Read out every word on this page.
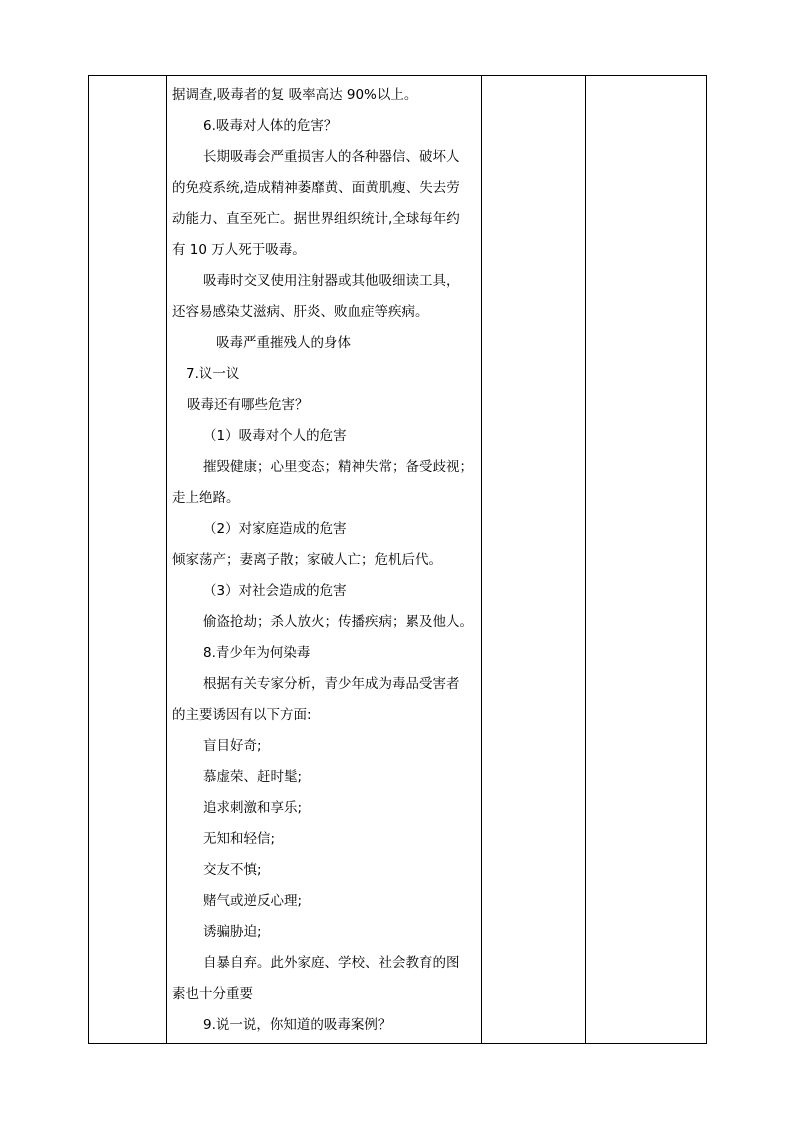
据调查,吸毒者的复 吸率高达 90%以上。
6.吸毒对人体的危害？
长期吸毒会严重损害人的各种器信、破坏人
的免疫系统,造成精神萎靡黄、面黄肌瘦、失去劳
动能力、直至死亡。据世界组织统计,全球每年约
有 10 万人死于吸毒。
吸毒时交叉使用注射器或其他吸细读工具，
还容易感染艾滋病、肝炎、败血症等疾病。
吸毒严重摧残人的身体
7.议一议
吸毒还有哪些危害？
（1）吸毒对个人的危害
摧毁健康；心里变态；精神失常；备受歧视；
走上绝路。
（2）对家庭造成的危害
倾家荡产；妻离子散；家破人亡；危机后代。
（3）对社会造成的危害
偷盗抢劫；杀人放火；传播疾病；累及他人。
8.青少年为何染毒
根据有关专家分析，青少年成为毒品受害者
的主要诱因有以下方面:
盲目好奇;
慕虚荣、赶时髦;
追求刺激和享乐;
无知和轻信;
交友不慎;
赌气或逆反心理;
诱骗胁迫;
自暴自弃。此外家庭、学校、社会教育的图
素也十分重要
9.说一说，你知道的吸毒案例？
